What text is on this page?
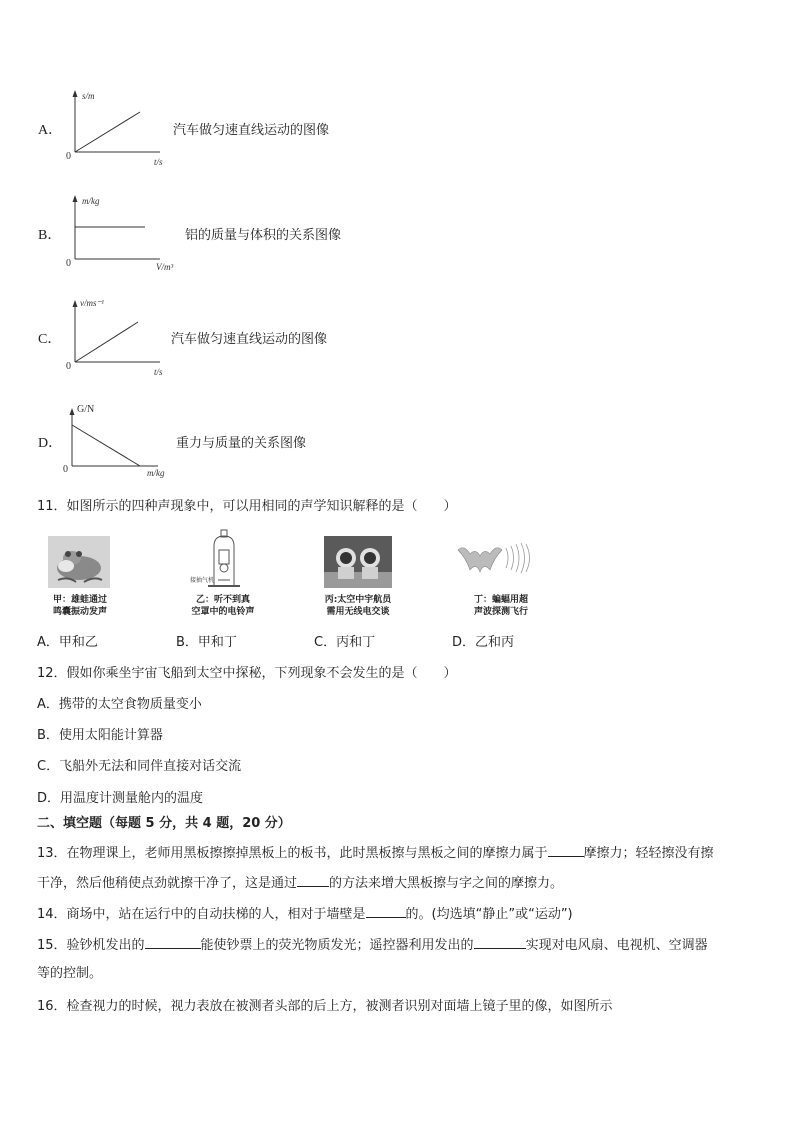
A．
s/m
t/s
0
汽车做匀速直线运动的图像
B．
m/kg
V/m³
0
铝的质量与体积的关系图像
C．
v/ms⁻¹
t/s
0
汽车做匀速直线运动的图像
D．
G/N
m/kg
0
重力与质量的关系图像
11．如图所示的四种声现象中，可以用相同的声学知识解释的是（　　）
甲：雄蛙通过
鸣囊振动发声
接抽气机
乙：听不到真
空罩中的电铃声
丙:太空中宇航员
需用无线电交谈
丁：蝙蝠用超
声波探测飞行
A．甲和乙	B．甲和丁	C．丙和丁	D．乙和丙
12．假如你乘坐宇宙飞船到太空中探秘，下列现象不会发生的是（　　）
A．携带的太空食物质量变小
B．使用太阳能计算器
C．飞船外无法和同伴直接对话交流
D．用温度计测量舱内的温度
二、填空题（每题 5 分，共 4 题，20 分）
13．在物理课上，老师用黑板擦擦掉黑板上的板书，此时黑板擦与黑板之间的摩擦力属于	摩擦力；轻轻擦没有擦
干净，然后他稍使点劲就擦干净了，这是通过 的方法来增大黑板擦与字之间的摩擦力。
14．商场中，站在运行中的自动扶梯的人，相对于墙壁是	的。(均选填“静止”或“运动”)
15．验钞机发出的	能使钞票上的荧光物质发光；遥控器利用发出的	实现对电风扇、电视机、空调器
等的控制。
16．检查视力的时候，视力表放在被测者头部的后上方，被测者识别对面墙上镜子里的像，如图所示
